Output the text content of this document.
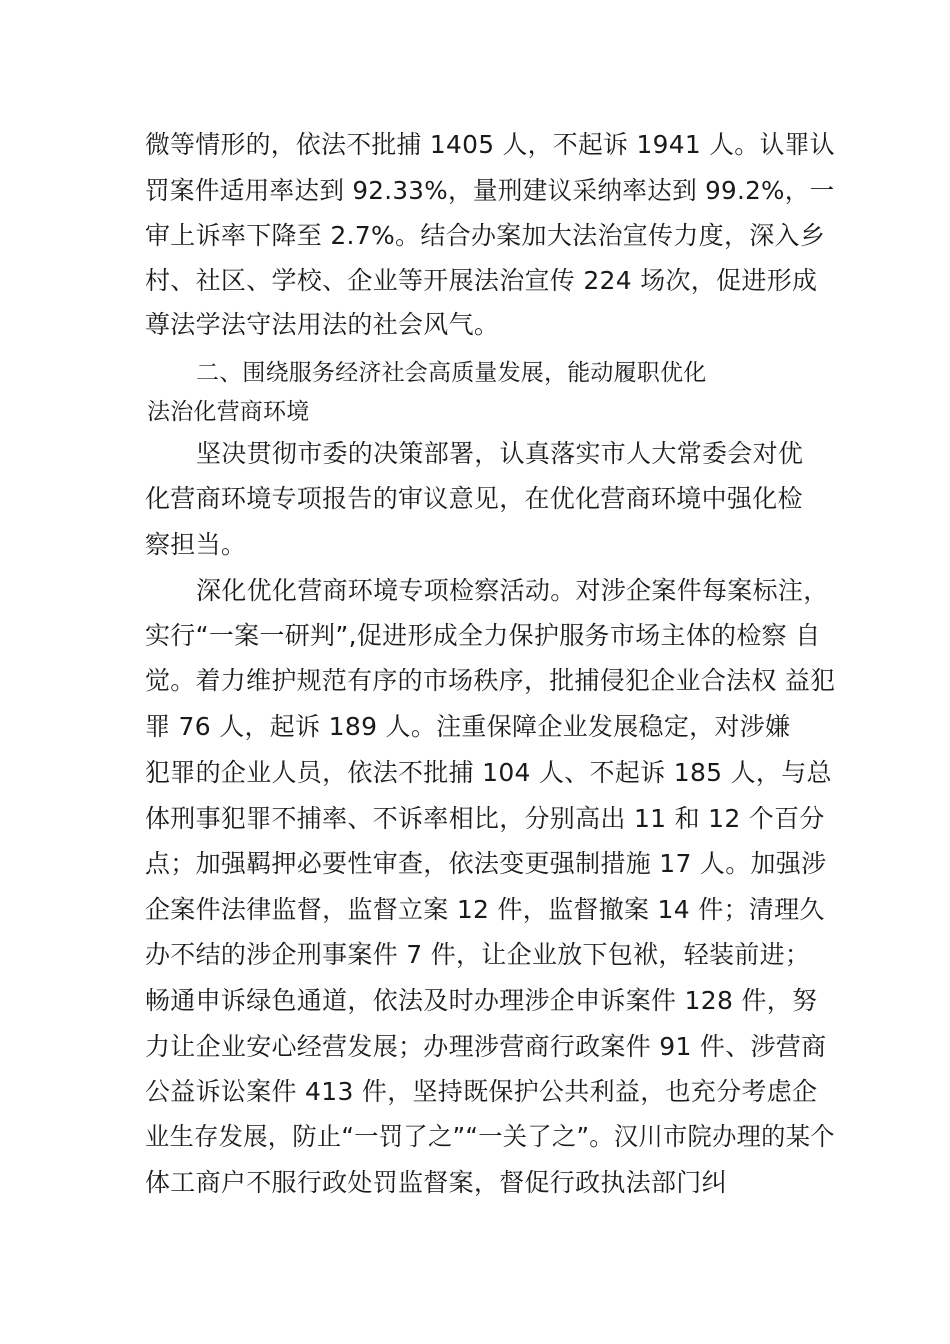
微等情形的，依法不批捕 1405 人，不起诉 1941 人。认罪认
罚案件适用率达到 92.33%，量刑建议采纳率达到 99.2%，一
审上诉率下降至 2.7%。结合办案加大法治宣传力度，深入乡
村、社区、学校、企业等开展法治宣传 224 场次，促进形成
尊法学法守法用法的社会风气。
二、围绕服务经济社会高质量发展，能动履职优化
法治化营商环境
坚决贯彻市委的决策部署，认真落实市人大常委会对优
化营商环境专项报告的审议意见，在优化营商环境中强化检
察担当。
深化优化营商环境专项检察活动。对涉企案件每案标注，
实行“一案一研判”,促进形成全力保护服务市场主体的检察 自
觉。着力维护规范有序的市场秩序，批捕侵犯企业合法权 益犯
罪 76 人，起诉 189 人。注重保障企业发展稳定，对涉嫌
犯罪的企业人员，依法不批捕 104 人、不起诉 185 人，与总
体刑事犯罪不捕率、不诉率相比，分别高出 11 和 12 个百分
点；加强羁押必要性审查，依法变更强制措施 17 人。加强涉
企案件法律监督，监督立案 12 件，监督撤案 14 件；清理久
办不结的涉企刑事案件 7 件，让企业放下包袱，轻装前进；
畅通申诉绿色通道，依法及时办理涉企申诉案件 128 件，努
力让企业安心经营发展；办理涉营商行政案件 91 件、涉营商
公益诉讼案件 413 件，坚持既保护公共利益，也充分考虑企
业生存发展，防止“一罚了之”“一关了之”。汉川市院办理的某个
体工商户不服行政处罚监督案，督促行政执法部门纠
